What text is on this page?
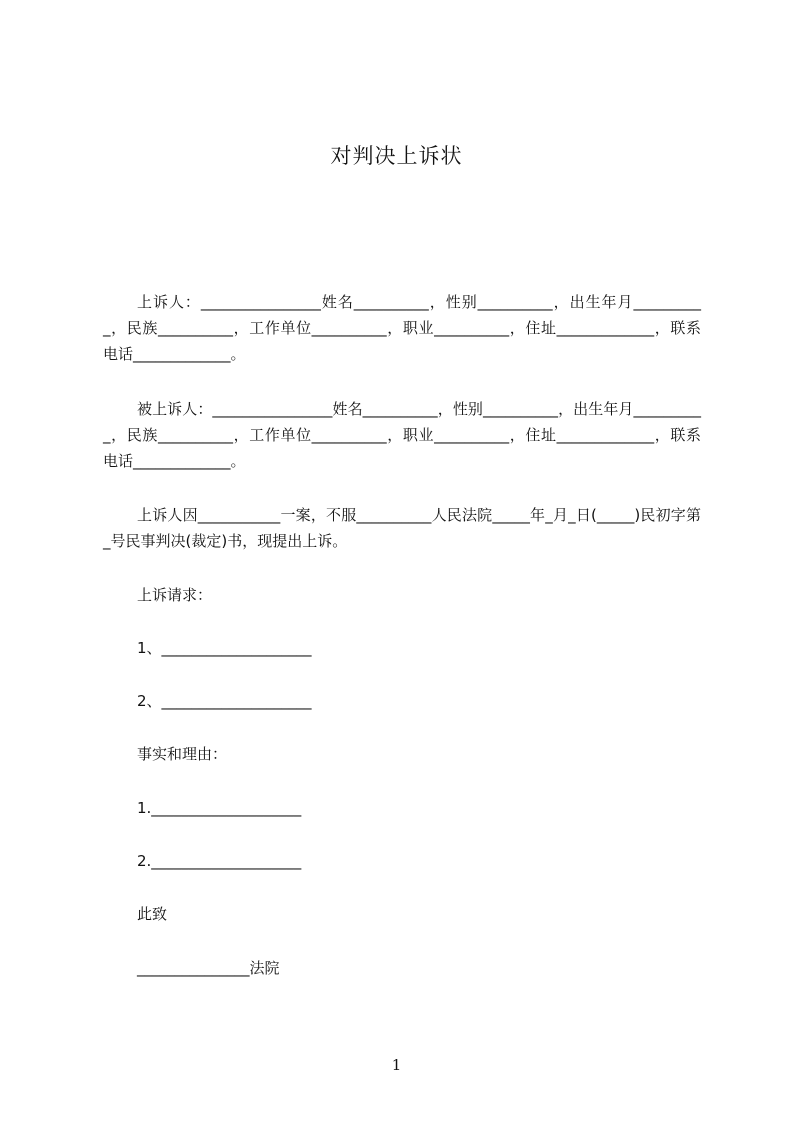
对判决上诉状
上诉人：________________姓名__________，性别__________，出生年月__________，民族__________，工作单位__________，职业__________，住址_____________，联系电话_____________。
被上诉人：________________姓名__________，性别__________，出生年月__________，民族__________，工作单位__________，职业__________，住址_____________，联系电话_____________。
上诉人因___________一案，不服__________人民法院_____年_月_日(_____)民初字第_号民事判决(裁定)书，现提出上诉。
上诉请求：
1、____________________
2、____________________
事实和理由：
1.____________________
2.____________________
此致
_______________法院
1
